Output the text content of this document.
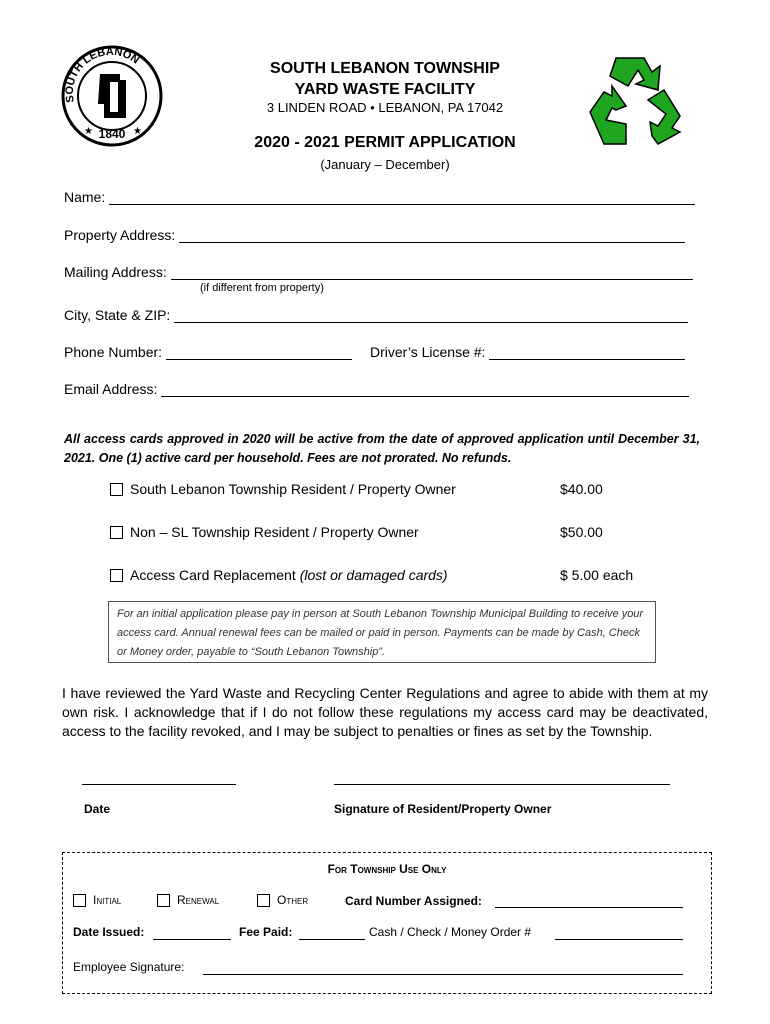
SOUTH LEBANON
1840
★	★
SOUTH LEBANON TOWNSHIP
YARD WASTE FACILITY
3 LINDEN ROAD • LEBANON, PA 17042
2020 - 2021 PERMIT APPLICATION
(January – December)
Name:
Property Address:
Mailing Address:
(if different from property)
City, State & ZIP:
Phone Number:	Driver’s License #:
Email Address:
All access cards approved in 2020 will be active from the date of approved application until December 31, 2021. One (1) active card per household. Fees are not prorated. No refunds.
South Lebanon Township Resident / Property Owner	$40.00
Non – SL Township Resident / Property Owner	$50.00
Access Card Replacement (lost or damaged cards)	$ 5.00 each
For an initial application please pay in person at South Lebanon Township Municipal Building to receive your access card. Annual renewal fees can be mailed or paid in person. Payments can be made by Cash, Check or Money order, payable to “South Lebanon Township”.
I have reviewed the Yard Waste and Recycling Center Regulations and agree to abide with them at my own risk. I acknowledge that if I do not follow these regulations my access card may be deactivated, access to the facility revoked, and I may be subject to penalties or fines as set by the Township.
Date	Signature of Resident/Property Owner
For Township Use Only
Initial	Renewal	Other	Card Number Assigned:
Date Issued:	Fee Paid:	Cash / Check / Money Order #
Employee Signature:
